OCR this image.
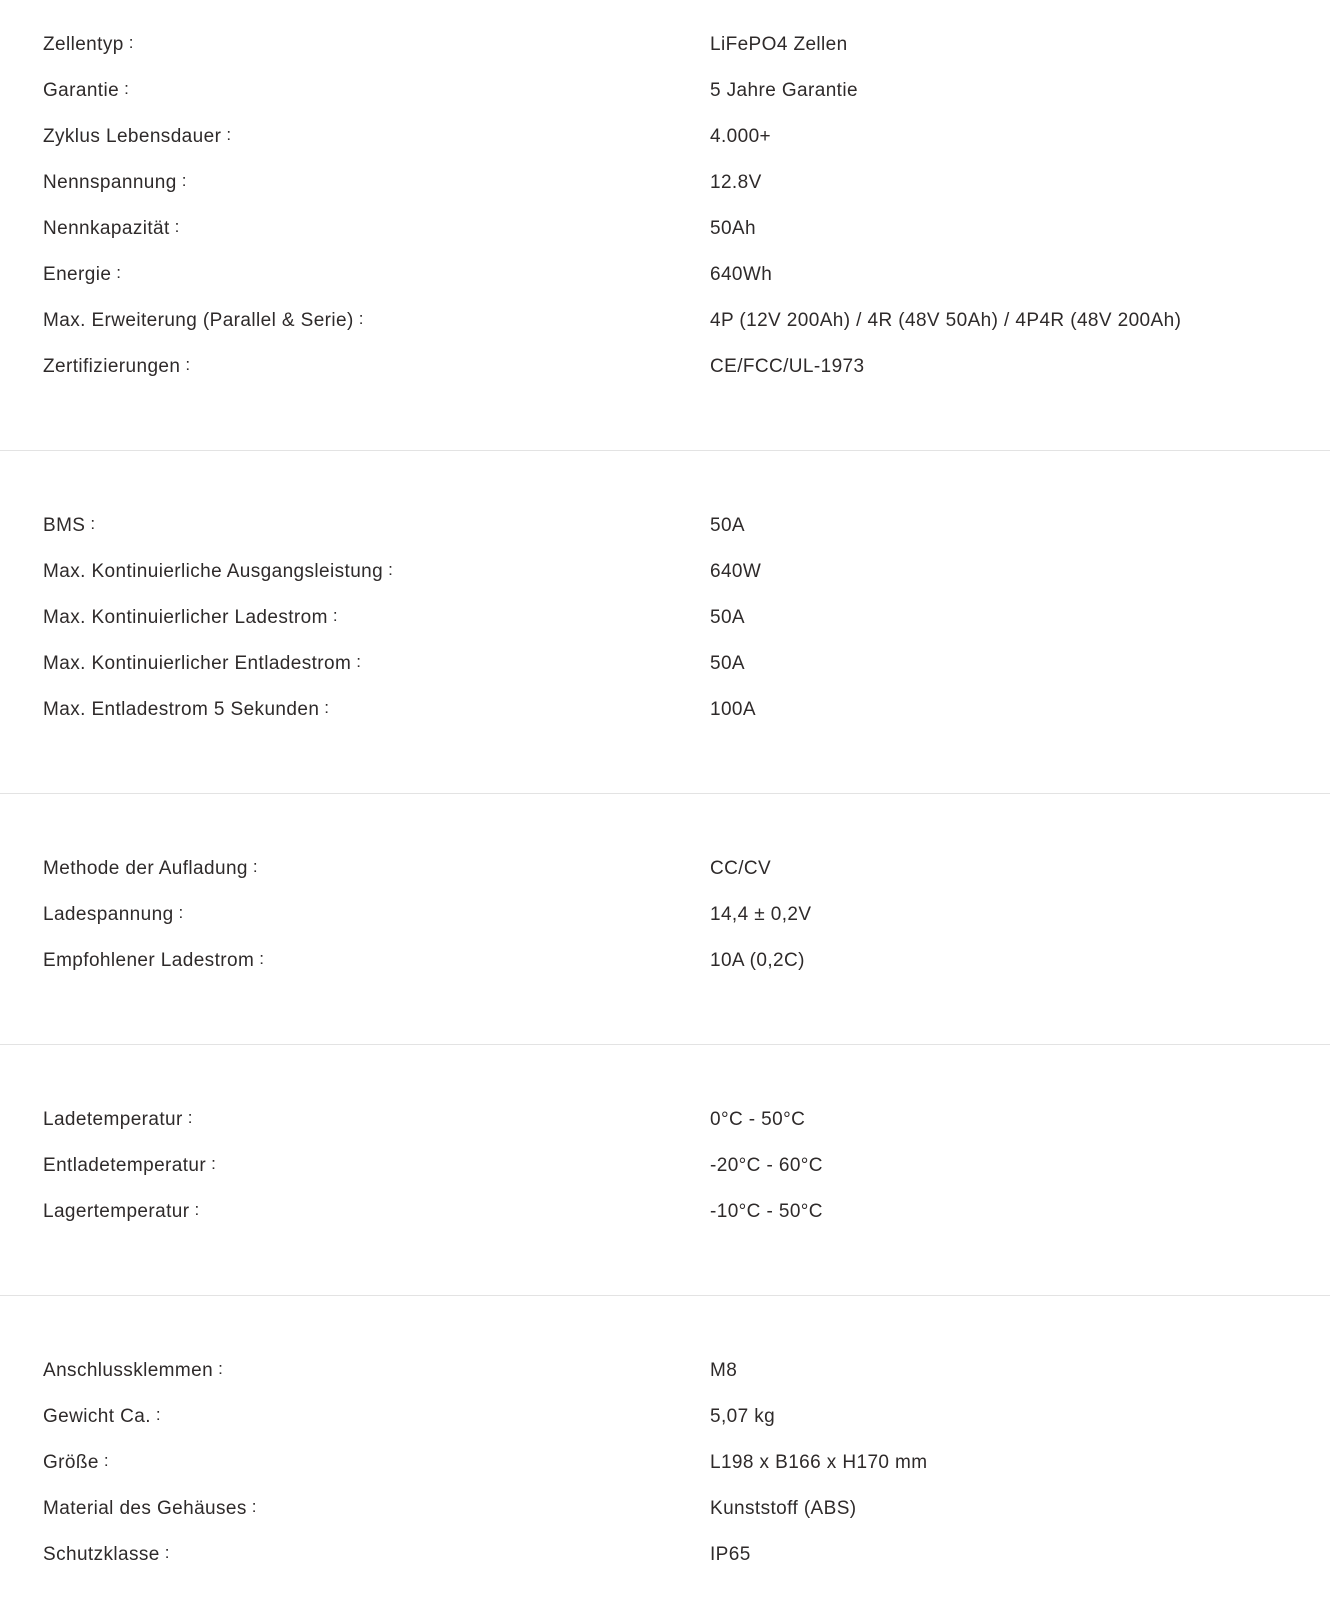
Zellentyp :	LiFePO4 Zellen
Garantie :	5 Jahre Garantie
Zyklus Lebensdauer :	4.000+
Nennspannung :	12.8V
Nennkapazität :	50Ah
Energie :	640Wh
Max. Erweiterung (Parallel & Serie) :	4P (12V 200Ah) / 4R (48V 50Ah) / 4P4R (48V 200Ah)
Zertifizierungen :	CE/FCC/UL-1973
BMS :	50A
Max. Kontinuierliche Ausgangsleistung :	640W
Max. Kontinuierlicher Ladestrom :	50A
Max. Kontinuierlicher Entladestrom :	50A
Max. Entladestrom 5 Sekunden :	100A
Methode der Aufladung :	CC/CV
Ladespannung :	14,4 ± 0,2V
Empfohlener Ladestrom :	10A (0,2C)
Ladetemperatur :	0°C - 50°C
Entladetemperatur :	-20°C - 60°C
Lagertemperatur :	-10°C - 50°C
Anschlussklemmen :	M8
Gewicht Ca. :	5,07 kg
Größe :	L198 x B166 x H170 mm
Material des Gehäuses :	Kunststoff (ABS)
Schutzklasse :	IP65
